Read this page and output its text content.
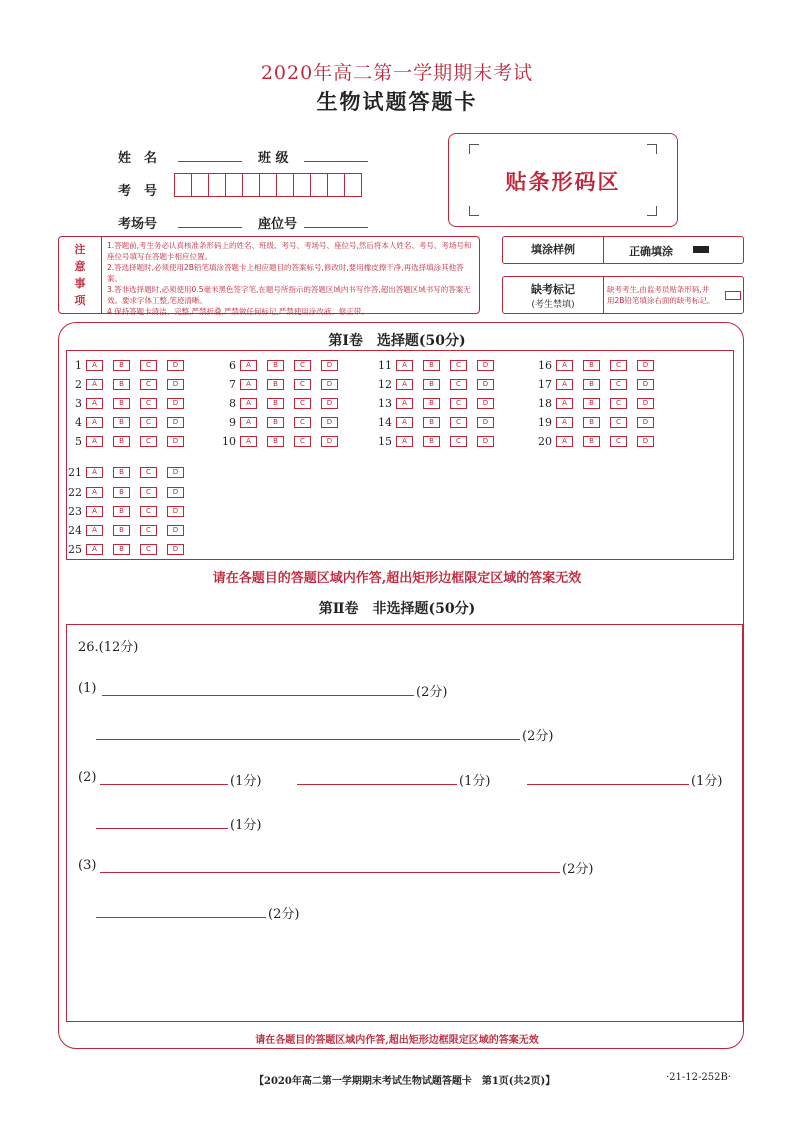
2020年高二第一学期期末考试
生物试题答题卡
姓　名	班 级
考　号
考场号	座位号
贴条形码区
注意事项
1.答题前,考生务必认真核准条形码上的姓名、班级、考号、考场号、座位号,然后将本人姓名、考号、考场号和座位号填写在答题卡相应位置。
2.答选择题时,必须使用2B铅笔填涂答题卡上相应题目的答案标号,修改时,要用橡皮擦干净,再选择填涂其他答案。
3.答非选择题时,必须使用0.5毫米黑色签字笔,在题号所指示的答题区域内书写作答,超出答题区域书写的答案无效。要求字体工整,笔迹清晰。
4.保持答题卡清洁、完整,严禁折叠,严禁做任何标记,严禁使用涂改液、修正带。
填涂样例	正确填涂
缺考标记
(考生禁填)
缺考考生,由监考员贴条形码,并
用2B铅笔填涂右面的缺考标记。
第Ⅰ卷　选择题(50分)
1	A	B	C	D
2	A	B	C	D
3	A	B	C	D
4	A	B	C	D
5	A	B	C	D
6	A	B	C	D
7	A	B	C	D
8	A	B	C	D
9	A	B	C	D
10	A	B	C	D
11	A	B	C	D
12	A	B	C	D
13	A	B	C	D
14	A	B	C	D
15	A	B	C	D
16	A	B	C	D
17	A	B	C	D
18	A	B	C	D
19	A	B	C	D
20	A	B	C	D
21	A	B	C	D
22	A	B	C	D
23	A	B	C	D
24	A	B	C	D
25	A	B	C	D
请在各题目的答题区域内作答,超出矩形边框限定区域的答案无效
第Ⅱ卷　非选择题(50分)
26.(12分)
(1)	(2分)
(2分)
(2)	(1分)	(1分)	(1分)
(1分)
(3)	(2分)
(2分)
请在各题目的答题区域内作答,超出矩形边框限定区域的答案无效
【2020年高二第一学期期末考试生物试题答题卡　第1页(共2页)】	·21-12-252B·
